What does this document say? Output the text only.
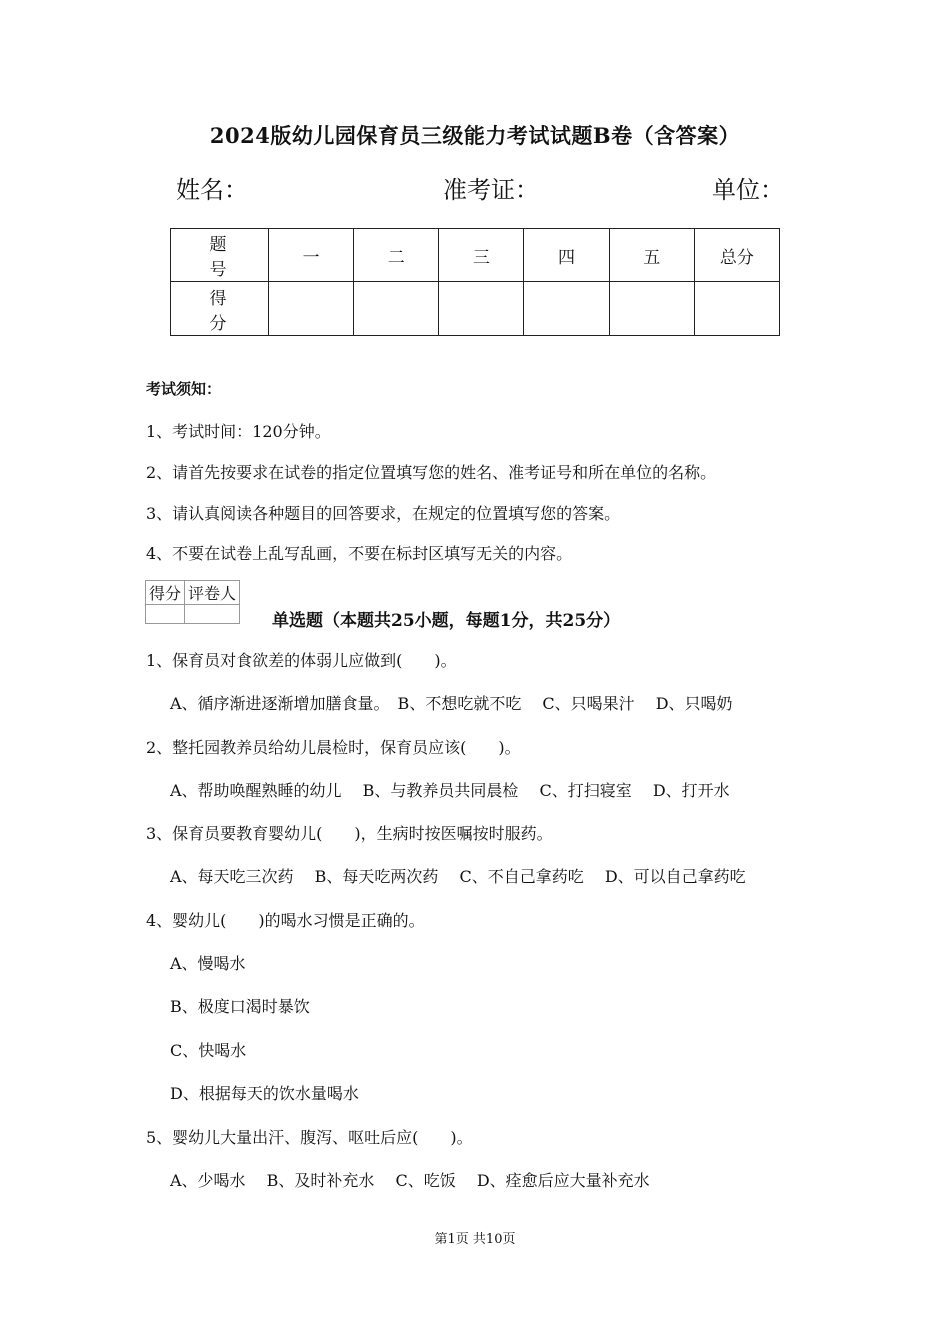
2024版幼儿园保育员三级能力考试试题B卷（含答案）
姓名：	准考证：	单位：
题　号	一	二	三	四	五	总分
得　分						
考试须知：
1、考试时间：120分钟。
2、请首先按要求在试卷的指定位置填写您的姓名、准考证号和所在单位的名称。
3、请认真阅读各种题目的回答要求，在规定的位置填写您的答案。
4、不要在试卷上乱写乱画，不要在标封区填写无关的内容。
得分	评卷人

单选题（本题共25小题，每题1分，共25分）
1、保育员对食欲差的体弱儿应做到(　　)。
A、循序渐进逐渐增加膳食量。　B、不想吃就不吃　 C、只喝果汁　 D、只喝奶
2、整托园教养员给幼儿晨检时，保育员应该(　　)。
A、帮助唤醒熟睡的幼儿　 B、与教养员共同晨检　 C、打扫寝室　 D、打开水
3、保育员要教育婴幼儿(　　)，生病时按医嘱按时服药。
A、每天吃三次药　 B、每天吃两次药　 C、不自己拿药吃　 D、可以自己拿药吃
4、婴幼儿(　　)的喝水习惯是正确的。
A、慢喝水
B、极度口渴时暴饮
C、快喝水
D、根据每天的饮水量喝水
5、婴幼儿大量出汗、腹泻、呕吐后应(　　)。
A、少喝水　 B、及时补充水　 C、吃饭　 D、痊愈后应大量补充水
第1页 共10页
